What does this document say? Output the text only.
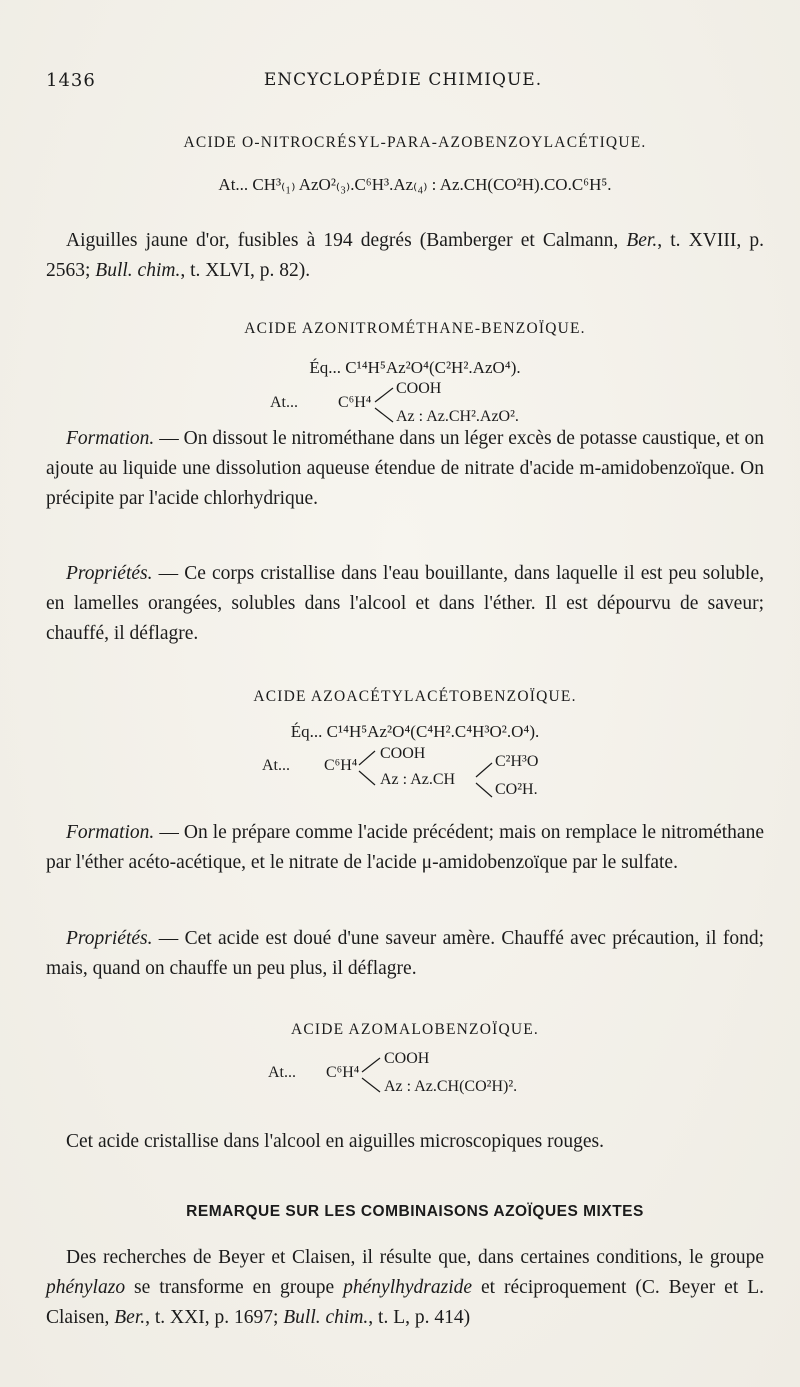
1436	ENCYCLOPÉDIE CHIMIQUE.
ACIDE O-NITROCRÉSYL-PARA-AZOBENZOYLACÉTIQUE.
At... CH³₍₁₎ AzO²₍₃₎.C⁶H³.Az₍₄₎ : Az.CH(CO²H).CO.C⁶H⁵.
Aiguilles jaune d'or, fusibles à 194 degrés (Bamberger et Calmann, Ber., t. XVIII, p. 2563; Bull. chim., t. XLVI, p. 82).
ACIDE AZONITROMÉTHANE-BENZOÏQUE.
Éq... C¹⁴H⁵Az²O⁴(C²H².AzO⁴).
At...	C⁶H⁴
COOH
Az : Az.CH².AzO².
Formation. — On dissout le nitrométhane dans un léger excès de potasse caustique, et on ajoute au liquide une dissolution aqueuse étendue de nitrate d'acide m-amidobenzoïque. On précipite par l'acide chlorhydrique.
Propriétés. — Ce corps cristallise dans l'eau bouillante, dans laquelle il est peu soluble, en lamelles orangées, solubles dans l'alcool et dans l'éther. Il est dépourvu de saveur; chauffé, il déflagre.
ACIDE AZOACÉTYLACÉTOBENZOÏQUE.
Éq... C¹⁴H⁵Az²O⁴(C⁴H².C⁴H³O².O⁴).
At... C⁶H⁴
COOH
Az : Az.CH
C²H³O
CO²H.
Formation. — On le prépare comme l'acide précédent; mais on remplace le nitrométhane par l'éther acéto-acétique, et le nitrate de l'acide μ-amidobenzoïque par le sulfate.
Propriétés. — Cet acide est doué d'une saveur amère. Chauffé avec précaution, il fond; mais, quand on chauffe un peu plus, il déflagre.
ACIDE AZOMALOBENZOÏQUE.
At... C⁶H⁴
COOH
Az : Az.CH(CO²H)².
Cet acide cristallise dans l'alcool en aiguilles microscopiques rouges.
REMARQUE SUR LES COMBINAISONS AZOÏQUES MIXTES
Des recherches de Beyer et Claisen, il résulte que, dans certaines conditions, le groupe phénylazo se transforme en groupe phénylhydrazide et réciproquement (C. Beyer et L. Claisen, Ber., t. XXI, p. 1697; Bull. chim., t. L, p. 414)
